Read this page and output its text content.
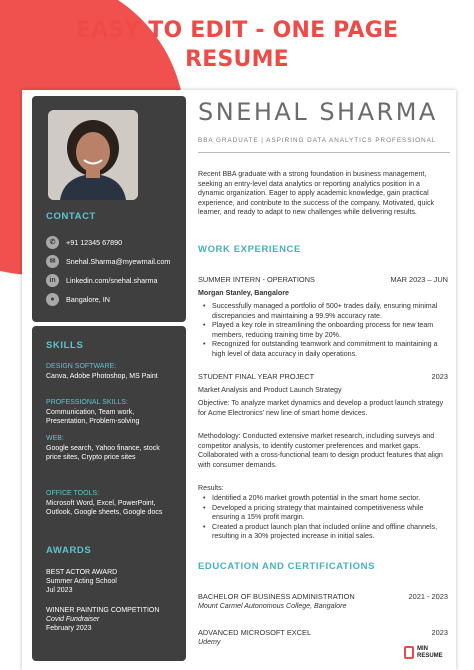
EASY TO EDIT - ONE PAGE
RESUME
CONTACT
✆	+91 12345 67890
✉	Snehal.Sharma@myewmail.com
in	Linkedin.com/snehal.sharma
●	Bangalore, IN
SKILLS
DESIGN SOFTWARE:
Canva, Adobe Photoshop, MS Paint
PROFESSIONAL SKILLS:
Communication, Team work, Presentation, Problem-solving
WEB:
Google search, Yahoo finance, stock price sites, Crypto price sites
OFFICE TOOLS:
Microsoft Word, Excel, PowerPoint, Outlook, Google sheets, Google docs
AWARDS
BEST ACTOR AWARD
Summer Acting School
Jul 2023
WINNER PAINTING COMPETITION
Covid Fundraiser
February 2023
SNEHAL SHARMA
BBA GRADUATE | ASPIRING DATA ANALYTICS PROFESSIONAL
Recent BBA graduate with a strong foundation in business management, seeking an entry-level data analytics or reporting analytics position in a dynamic organization. Eager to apply academic knowledge, gain practical experience, and contribute to the success of the company. Motivated, quick learner, and ready to adapt to new challenges while delivering results.
WORK EXPERIENCE
SUMMER INTERN - OPERATIONS	MAR 2023 – JUN
Morgan Stanley, Bangalore
• Successfully managed a portfolio of 500+ trades daily, ensuring minimal discrepancies and maintaining a 99.9% accuracy rate.
• Played a key role in streamlining the onboarding process for new team members, reducing training time by 20%.
• Recognized for outstanding teamwork and commitment to maintaining a high level of data accuracy in daily operations.
STUDENT FINAL YEAR PROJECT	2023
Market Analysis and Product Launch Strategy
Objective: To analyze market dynamics and develop a product launch strategy for Acme Electronics' new line of smart home devices.
Methodology: Conducted extensive market research, including surveys and competitor analysis, to identify customer preferences and market gaps. Collaborated with a cross-functional team to design product features that align with consumer demands.
Results:
• Identified a 20% market growth potential in the smart home sector.
• Developed a pricing strategy that maintained competitiveness while ensuring a 15% profit margin.
• Created a product launch plan that included online and offline channels, resulting in a 30% projected increase in initial sales.
EDUCATION AND CERTIFICATIONS
BACHELOR OF BUSINESS ADMINISTRATION	2021 - 2023
Mount Carmel Autonomous College, Bangalore
ADVANCED MICROSOFT EXCEL	2023
Udemy
MIN
RESUME
